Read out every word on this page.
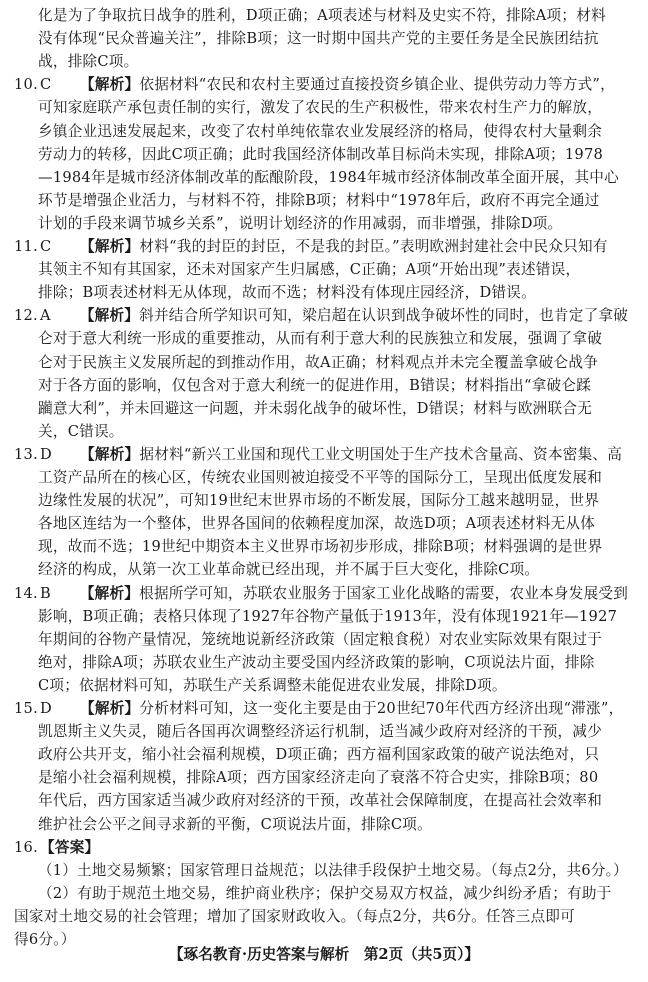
化是为了争取抗日战争的胜利，D项正确；A项表述与材料及史实不符，排除A项；材料
没有体现“民众普遍关注”，排除B项；这一时期中国共产党的主要任务是全民族团结抗
战，排除C项。
10. C 【解析】依据材料“农民和农村主要通过直接投资乡镇企业、提供劳动力等方式”，
可知家庭联产承包责任制的实行，激发了农民的生产积极性，带来农村生产力的解放，
乡镇企业迅速发展起来，改变了农村单纯依靠农业发展经济的格局，使得农村大量剩余
劳动力的转移，因此C项正确；此时我国经济体制改革目标尚未实现，排除A项；1978
—1984年是城市经济体制改革的酝酿阶段，1984年城市经济体制改革全面开展，其中心
环节是增强企业活力，与材料不符，排除B项；材料中“1978年后，政府不再完全通过
计划的手段来调节城乡关系”，说明计划经济的作用减弱，而非增强，排除D项。
11. C 【解析】材料“我的封臣的封臣，不是我的封臣。”表明欧洲封建社会中民众只知有
其领主不知有其国家，还未对国家产生归属感，C正确；A项“开始出现”表述错误，
排除；B项表述材料无从体现，故而不选；材料没有体现庄园经济，D错误。
12. A 【解析】斜并结合所学知识可知，梁启超在认识到战争破坏性的同时，也肯定了拿破
仑对于意大利统一形成的重要推动，从而有利于意大利的民族独立和发展，强调了拿破
仑对于民族主义发展所起的到推动作用，故A正确；材料观点并未完全覆盖拿破仑战争
对于各方面的影响，仅包含对于意大利统一的促进作用，B错误；材料指出“拿破仑蹂
躏意大利”，并未回避这一问题，并未弱化战争的破坏性，D错误；材料与欧洲联合无
关，C错误。
13. D 【解析】据材料“新兴工业国和现代工业文明国处于生产技术含量高、资本密集、高
工资产品所在的核心区，传统农业国则被迫接受不平等的国际分工，呈现出低度发展和
边缘性发展的状况”，可知19世纪末世界市场的不断发展，国际分工越来越明显，世界
各地区连结为一个整体，世界各国间的依赖程度加深，故选D项；A项表述材料无从体
现，故而不选；19世纪中期资本主义世界市场初步形成，排除B项；材料强调的是世界
经济的构成，从第一次工业革命就已经出现，并不属于巨大变化，排除C项。
14. B 【解析】根据所学可知，苏联农业服务于国家工业化战略的需要，农业本身发展受到
影响，B项正确；表格只体现了1927年谷物产量低于1913年，没有体现1921年—1927
年期间的谷物产量情况，笼统地说新经济政策（固定粮食税）对农业实际效果有限过于
绝对，排除A项；苏联农业生产波动主要受国内经济政策的影响，C项说法片面，排除
C项；依据材料可知，苏联生产关系调整未能促进农业发展，排除D项。
15. D 【解析】分析材料可知，这一变化主要是由于20世纪70年代西方经济出现“滞涨”，
凯恩斯主义失灵，随后各国再次调整经济运行机制，适当减少政府对经济的干预，减少
政府公共开支，缩小社会福利规模，D项正确；西方福利国家政策的破产说法绝对，只
是缩小社会福利规模，排除A项；西方国家经济走向了衰落不符合史实，排除B项；80
年代后，西方国家适当减少政府对经济的干预，改革社会保障制度，在提高社会效率和
维护社会公平之间寻求新的平衡，C项说法片面，排除C项。
16. 【答案】
（1）土地交易频繁；国家管理日益规范；以法律手段保护土地交易。（每点2分，共6分。）
（2）有助于规范土地交易，维护商业秩序；保护交易双方权益，减少纠纷矛盾；有助于
国家对土地交易的社会管理；增加了国家财政收入。（每点2分，共6分。任答三点即可
得6分。）
【琢名教育·历史答案与解析　第2页（共5页）】
